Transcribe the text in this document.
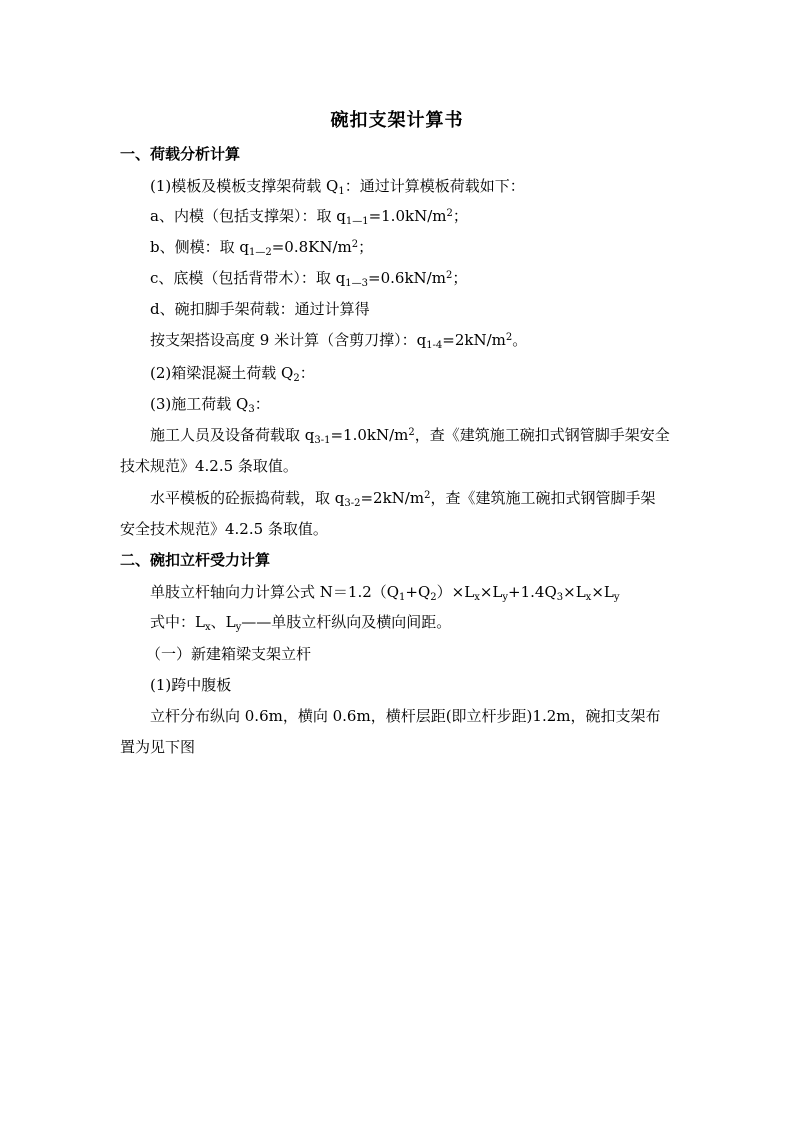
碗扣支架计算书
一、荷载分析计算
(1)模板及模板支撑架荷载 $Q_1$：通过计算模板荷载如下：
a、内模（包括支撑架）：取 $q_{1—1}=1.0kN/m^2$；
b、侧模：取 $q_{1—2}=0.8KN/m^2$；
c、底模（包括背带木）：取 $q_{1—3}=0.6kN/m^2$；
d、碗扣脚手架荷载：通过计算得
按支架搭设高度 9 米计算（含剪刀撑）：$q_{1-4}=2kN/m^2$。
(2)箱梁混凝土荷载 $Q_2$：
(3)施工荷载 $Q_3$：
施工人员及设备荷载取 $q_{3-1}=1.0kN/m^2$，查《建筑施工碗扣式钢管脚手架安全
技术规范》4.2.5 条取值。
水平模板的砼振捣荷载，取 $q_{3-2}=2kN/m^2$，查《建筑施工碗扣式钢管脚手架
安全技术规范》4.2.5 条取值。
二、碗扣立杆受力计算
单肢立杆轴向力计算公式 $N=1.2(Q_1+Q_2)\times L_x\times L_y+1.4Q_3\times L_x\times L_y$
式中：$L_x$、$L_y——$单肢立杆纵向及横向间距。
（一）新建箱梁支架立杆
(1)跨中腹板
立杆分布纵向 0.6m，横向 0.6m，横杆层距(即立杆步距)1.2m，碗扣支架布
置为见下图
